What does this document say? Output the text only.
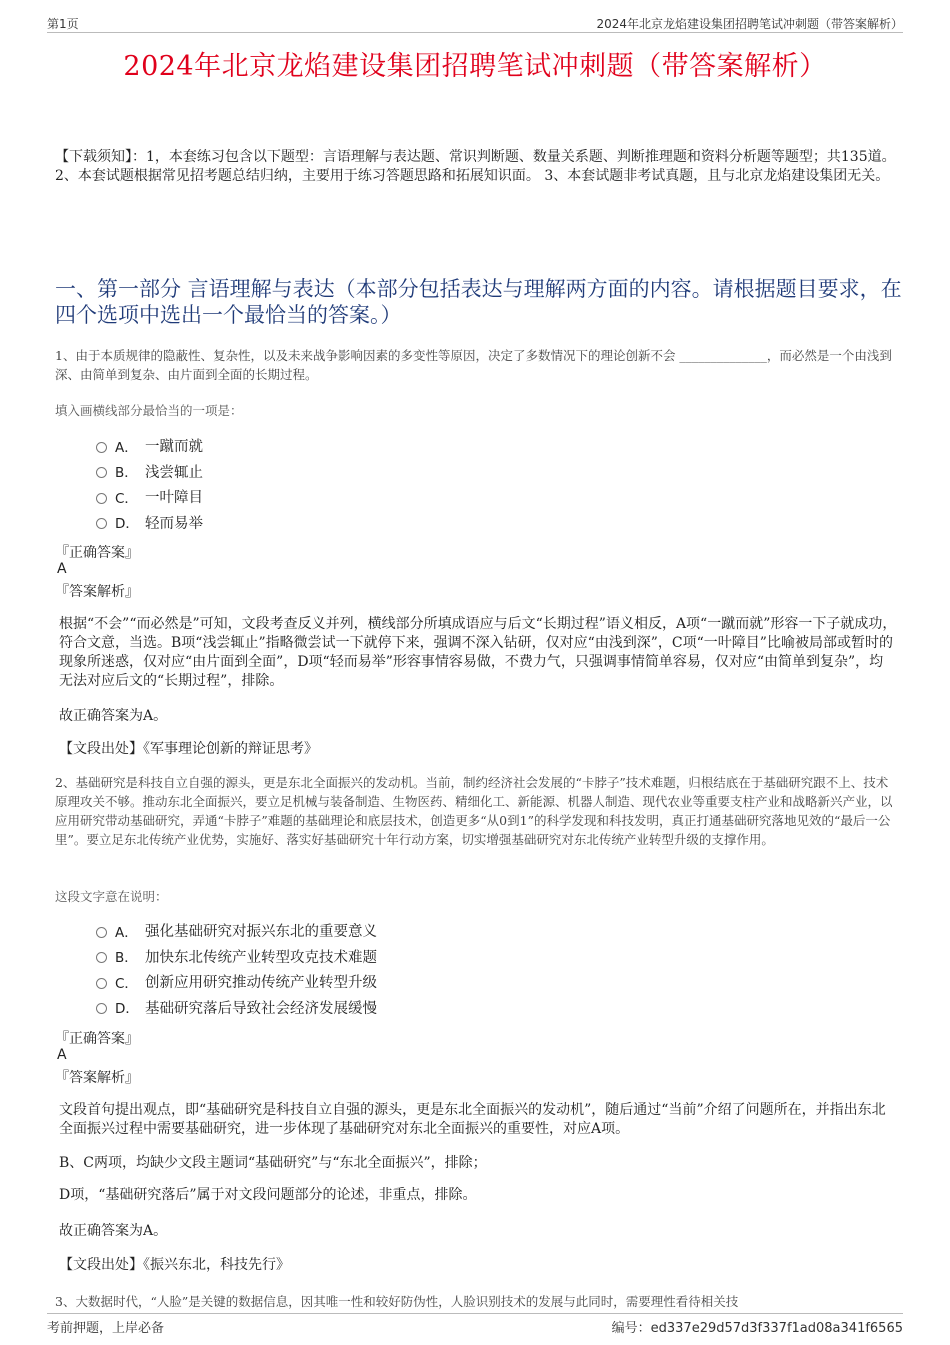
第1页	2024年北京龙焰建设集团招聘笔试冲刺题（带答案解析）
2024年北京龙焰建设集团招聘笔试冲刺题（带答案解析）
【下载须知】：1，本套练习包含以下题型：言语理解与表达题、常识判断题、数量关系题、判断推理题和资料分析题等题型；共135道。 2、本套试题根据常见招考题总结归纳，主要用于练习答题思路和拓展知识面。 3、本套试题非考试真题，且与北京龙焰建设集团无关。
一、第一部分 言语理解与表达（本部分包括表达与理解两方面的内容。请根据题目要求，在四个选项中选出一个最恰当的答案。）
1、由于本质规律的隐蔽性、复杂性，以及未来战争影响因素的多变性等原因，决定了多数情况下的理论创新不会 ______________，而必然是一个由浅到深、由简单到复杂、由片面到全面的长期过程。
填入画横线部分最恰当的一项是：
A． 一蹴而就
B． 浅尝辄止
C． 一叶障目
D． 轻而易举
『正确答案』
A
『答案解析』
根据“不会”“而必然是”可知，文段考查反义并列，横线部分所填成语应与后文“长期过程”语义相反，A项“一蹴而就”形容一下子就成功，符合文意，当选。B项“浅尝辄止”指略微尝试一下就停下来，强调不深入钻研，仅对应“由浅到深”，C项“一叶障目”比喻被局部或暂时的现象所迷惑，仅对应“由片面到全面”，D项“轻而易举”形容事情容易做，不费力气，只强调事情简单容易，仅对应“由简单到复杂”，均无法对应后文的“长期过程”，排除。
故正确答案为A。
【文段出处】《军事理论创新的辩证思考》
2、基础研究是科技自立自强的源头，更是东北全面振兴的发动机。当前，制约经济社会发展的“卡脖子”技术难题，归根结底在于基础研究跟不上、技术原理攻关不够。推动东北全面振兴，要立足机械与装备制造、生物医药、精细化工、新能源、机器人制造、现代农业等重要支柱产业和战略新兴产业，以应用研究带动基础研究，弄通“卡脖子”难题的基础理论和底层技术，创造更多“从0到1”的科学发现和科技发明，真正打通基础研究落地见效的“最后一公里”。要立足东北传统产业优势，实施好、落实好基础研究十年行动方案，切实增强基础研究对东北传统产业转型升级的支撑作用。
这段文字意在说明：
A． 强化基础研究对振兴东北的重要意义
B． 加快东北传统产业转型攻克技术难题
C． 创新应用研究推动传统产业转型升级
D． 基础研究落后导致社会经济发展缓慢
『正确答案』
A
『答案解析』
文段首句提出观点，即“基础研究是科技自立自强的源头，更是东北全面振兴的发动机”，随后通过“当前”介绍了问题所在，并指出东北全面振兴过程中需要基础研究，进一步体现了基础研究对东北全面振兴的重要性，对应A项。
B、C两项，均缺少文段主题词“基础研究”与“东北全面振兴”，排除；
D项，“基础研究落后”属于对文段问题部分的论述，非重点，排除。
故正确答案为A。
【文段出处】《振兴东北，科技先行》
3、大数据时代，“人脸”是关键的数据信息，因其唯一性和较好防伪性，人脸识别技术的发展与此同时，需要理性看待相关技
考前押题，上岸必备	编号：ed337e29d57d3f337f1ad08a341f6565
